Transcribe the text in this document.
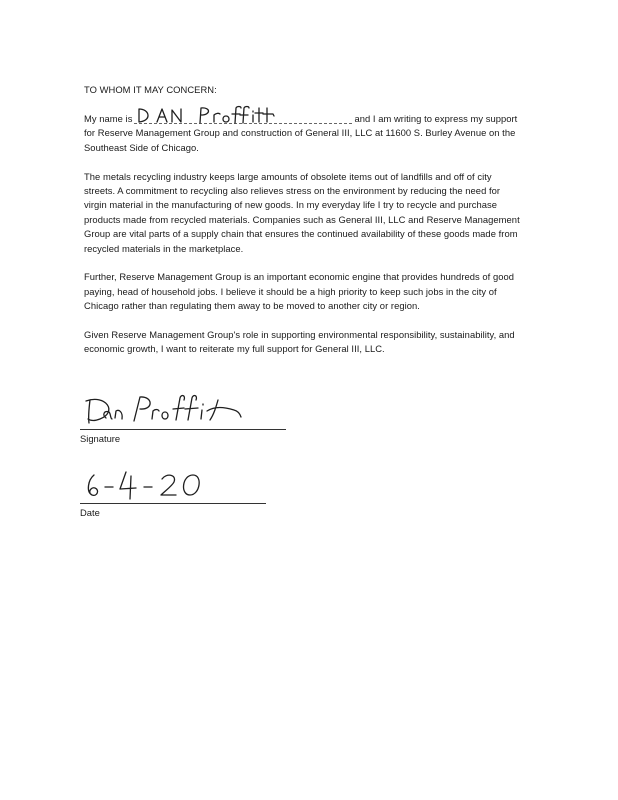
TO WHOM IT MAY CONCERN:

My name is	and I am writing to express my support for Reserve Management Group and construction of General III, LLC at 11600 S. Burley Avenue on the Southeast Side of Chicago.

The metals recycling industry keeps large amounts of obsolete items out of landfills and off of city streets. A commitment to recycling also relieves stress on the environment by reducing the need for virgin material in the manufacturing of new goods. In my everyday life I try to recycle and purchase products made from recycled materials. Companies such as General III, LLC and Reserve Management Group are vital parts of a supply chain that ensures the continued availability of these goods made from recycled materials in the marketplace.

Further, Reserve Management Group is an important economic engine that provides hundreds of good paying, head of household jobs. I believe it should be a high priority to keep such jobs in the city of Chicago rather than regulating them away to be moved to another city or region.

Given Reserve Management Group's role in supporting environmental responsibility, sustainability, and economic growth, I want to reiterate my full support for General III, LLC.

Signature
Date
